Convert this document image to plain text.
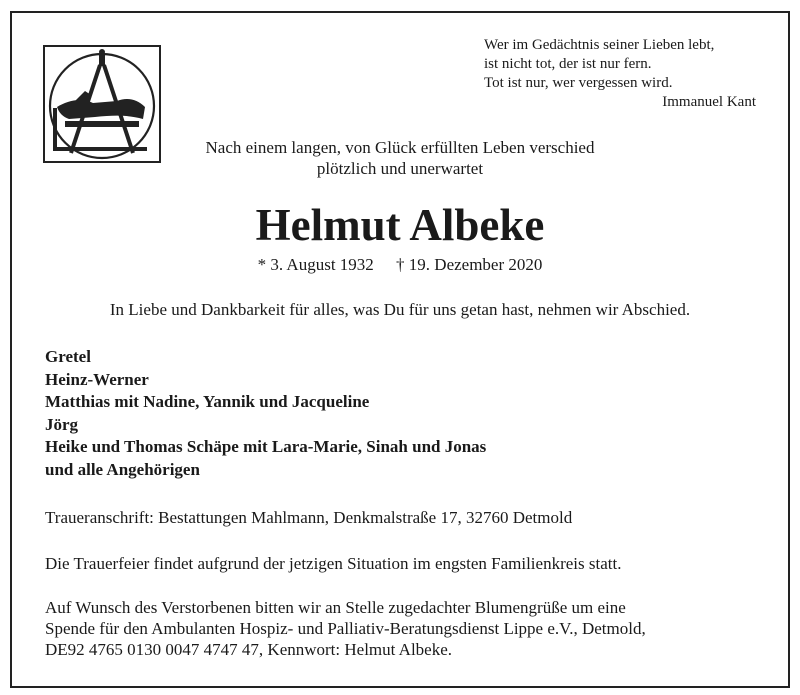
Wer im Gedächtnis seiner Lieben lebt,
ist nicht tot, der ist nur fern.
Tot ist nur, wer vergessen wird.
Immanuel Kant
Nach einem langen, von Glück erfüllten Leben verschied
plötzlich und unerwartet
Helmut Albeke
* 3. August 1932 † 19. Dezember 2020
In Liebe und Dankbarkeit für alles, was Du für uns getan hast, nehmen wir Abschied.
Gretel
Heinz-Werner
Matthias mit Nadine, Yannik und Jacqueline
Jörg
Heike und Thomas Schäpe mit Lara-Marie, Sinah und Jonas
und alle Angehörigen
Traueranschrift: Bestattungen Mahlmann, Denkmalstraße 17, 32760 Detmold
Die Trauerfeier findet aufgrund der jetzigen Situation im engsten Familienkreis statt.
Auf Wunsch des Verstorbenen bitten wir an Stelle zugedachter Blumengrüße um eine
Spende für den Ambulanten Hospiz- und Palliativ-Beratungsdienst Lippe e.V., Detmold,
DE92 4765 0130 0047 4747 47, Kennwort: Helmut Albeke.
